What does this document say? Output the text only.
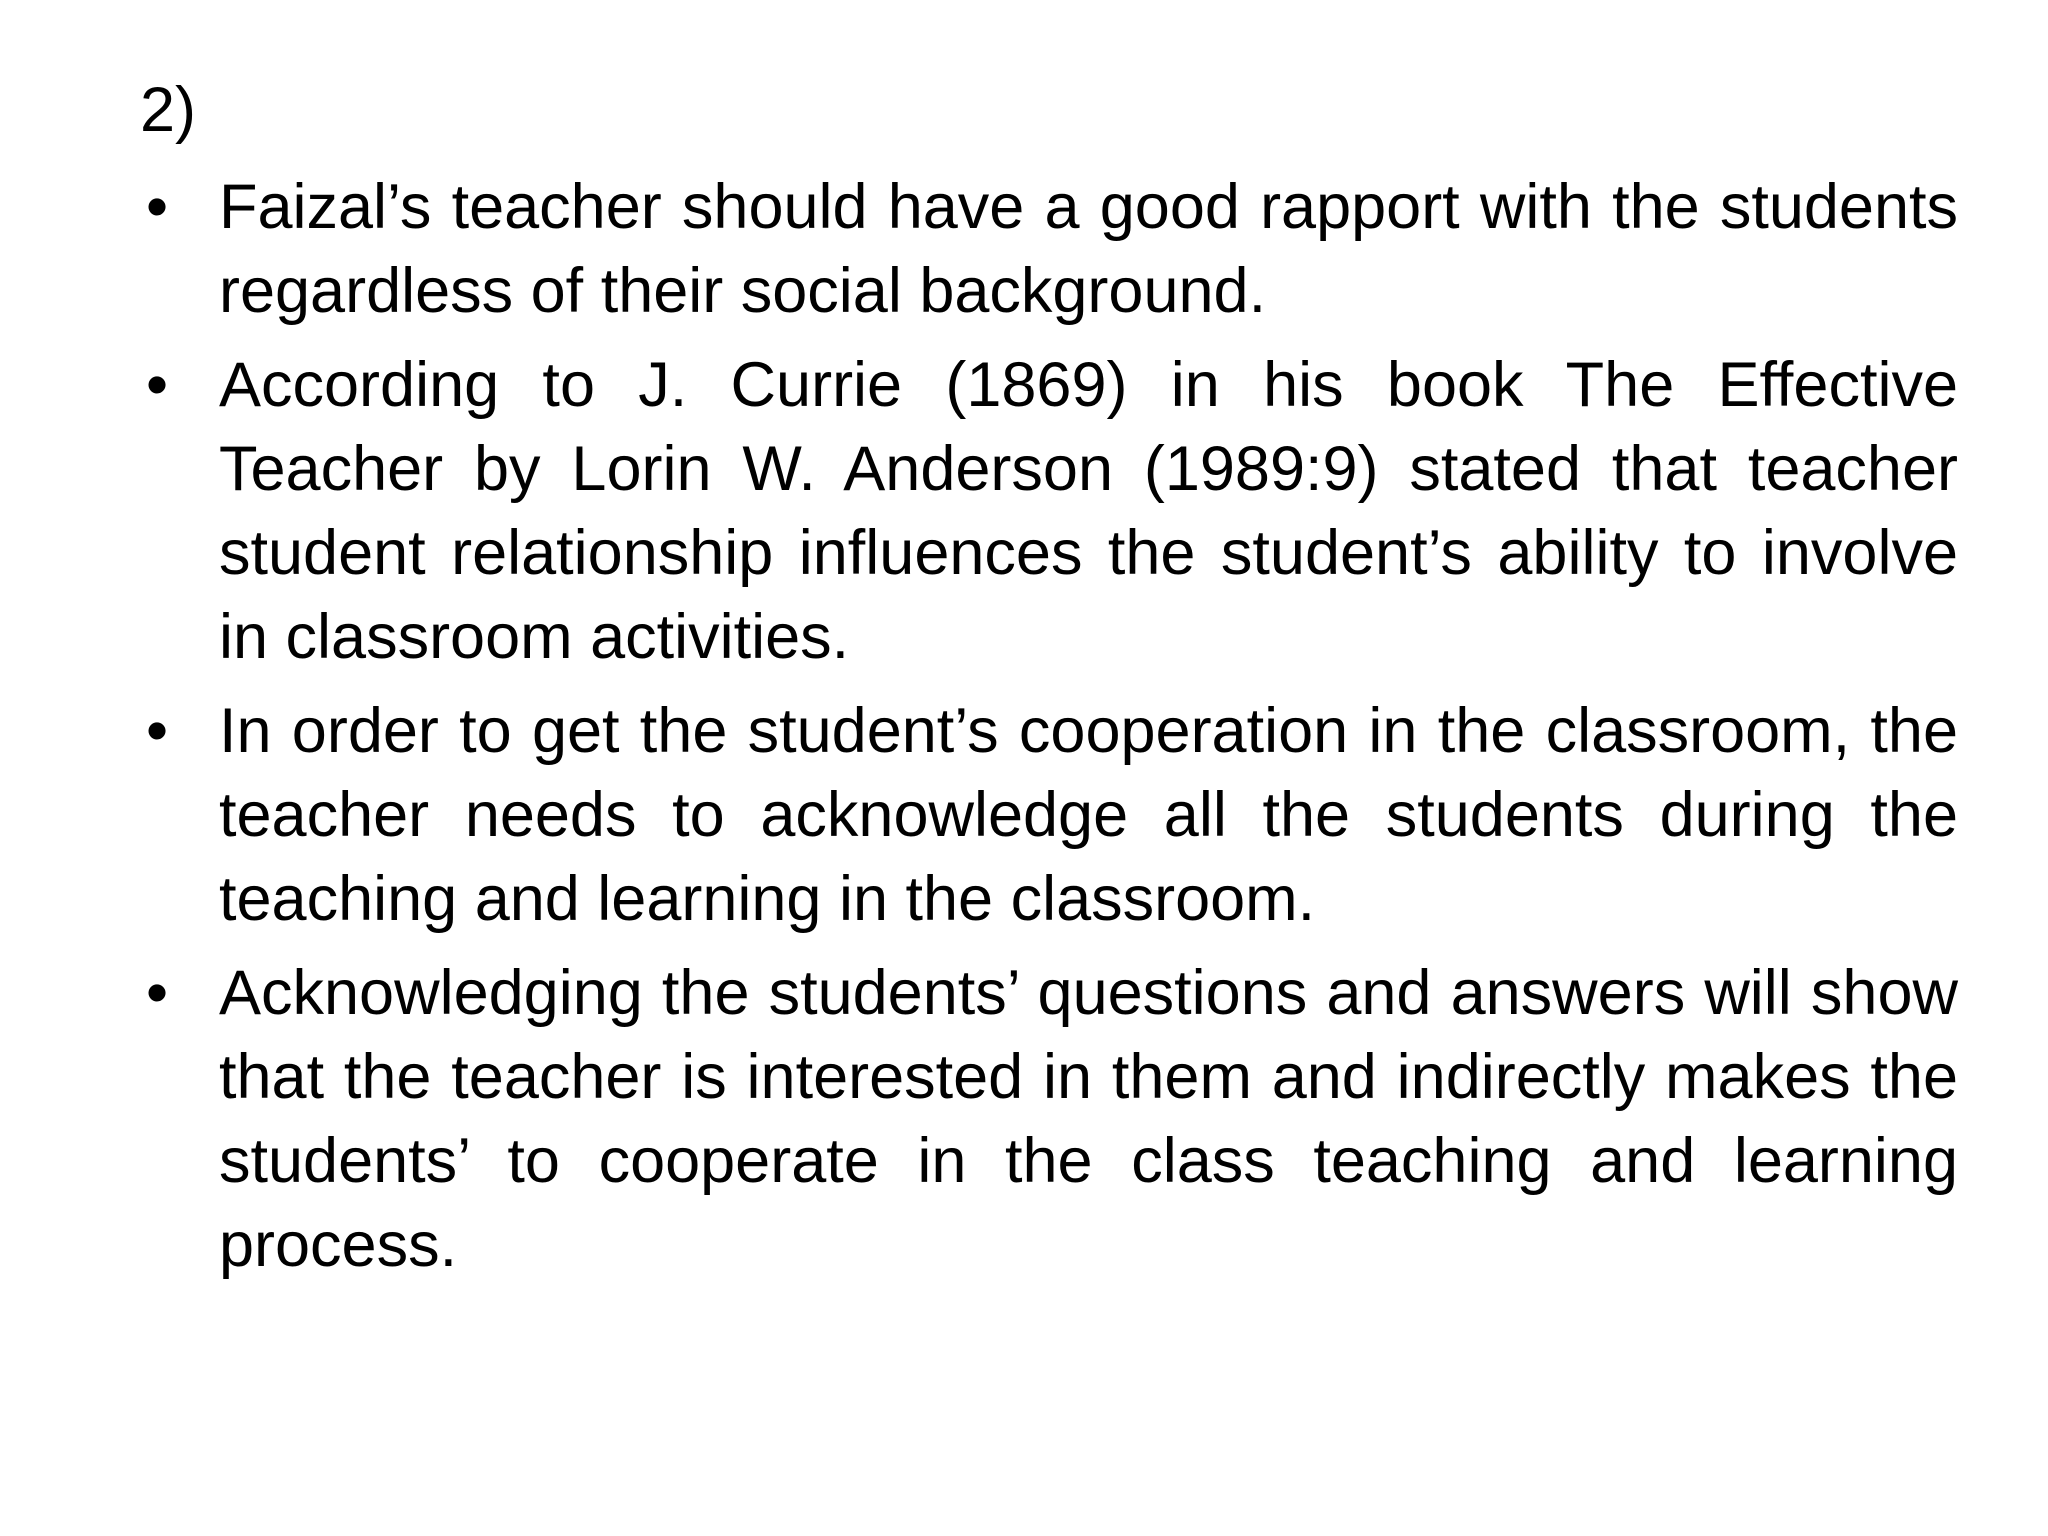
2)
• Faizal’s teacher should have a good rapport with the students regardless of their social background.
• According to J. Currie (1869) in his book The Effective Teacher by Lorin W. Anderson (1989:9) stated that teacher student relationship influences the student’s ability to involve in classroom activities.
• In order to get the student’s cooperation in the classroom, the teacher needs to acknowledge all the students during the teaching and learning in the classroom.
• Acknowledging the students’ questions and answers will show that the teacher is interested in them and indirectly makes the students’ to cooperate in the class teaching and learning process.
